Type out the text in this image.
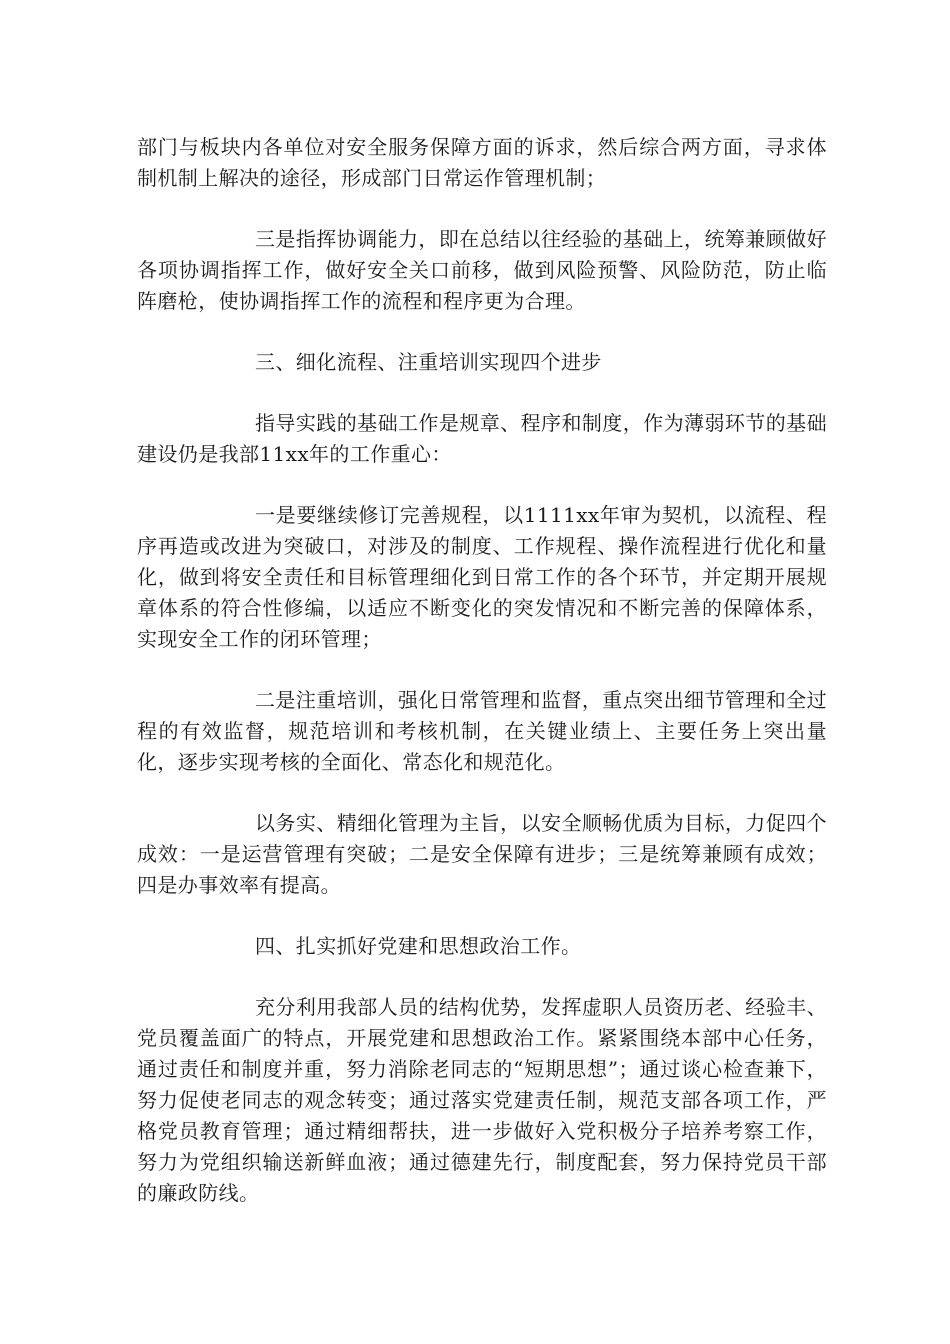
部门与板块内各单位对安全服务保障方面的诉求，然后综合两方面，寻求体制机制上解决的途径，形成部门日常运作管理机制；

三是指挥协调能力，即在总结以往经验的基础上，统筹兼顾做好各项协调指挥工作，做好安全关口前移，做到风险预警、风险防范，防止临阵磨枪，使协调指挥工作的流程和程序更为合理。

三、细化流程、注重培训实现四个进步

指导实践的基础工作是规章、程序和制度，作为薄弱环节的基础建设仍是我部11xx年的工作重心：

一是要继续修订完善规程，以1111xx年审为契机，以流程、程序再造或改进为突破口，对涉及的制度、工作规程、操作流程进行优化和量化，做到将安全责任和目标管理细化到日常工作的各个环节，并定期开展规章体系的符合性修编，以适应不断变化的突发情况和不断完善的保障体系，实现安全工作的闭环管理；

二是注重培训，强化日常管理和监督，重点突出细节管理和全过程的有效监督，规范培训和考核机制，在关键业绩上、主要任务上突出量化，逐步实现考核的全面化、常态化和规范化。

以务实、精细化管理为主旨，以安全顺畅优质为目标，力促四个成效：一是运营管理有突破；二是安全保障有进步；三是统筹兼顾有成效；四是办事效率有提高。

四、扎实抓好党建和思想政治工作。

充分利用我部人员的结构优势，发挥虚职人员资历老、经验丰、党员覆盖面广的特点，开展党建和思想政治工作。紧紧围绕本部中心任务，通过责任和制度并重，努力消除老同志的“短期思想”；通过谈心检查兼下，努力促使老同志的观念转变；通过落实党建责任制，规范支部各项工作，严格党员教育管理；通过精细帮扶，进一步做好入党积极分子培养考察工作，努力为党组织输送新鲜血液；通过德建先行，制度配套，努力保持党员干部的廉政防线。
